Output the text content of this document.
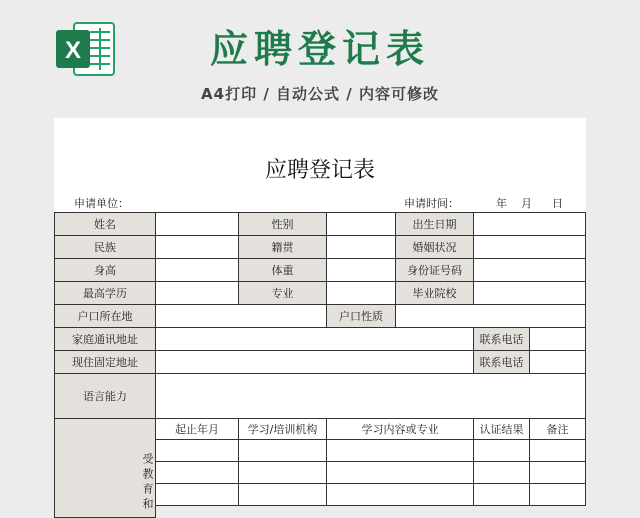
X	应聘登记表
A4打印 / 自动公式 / 内容可修改
应聘登记表
申请单位：	申请时间：	年 月 日
姓名	性别	出生日期
民族	籍贯	婚姻状况
身高	体重	身份证号码
最高学历	专业	毕业院校
户口所在地	户口性质
家庭通讯地址	联系电话
现住固定地址	联系电话
语言能力
受教育和
起止年月	学习/培训机构	学习内容或专业	认证结果	备注
